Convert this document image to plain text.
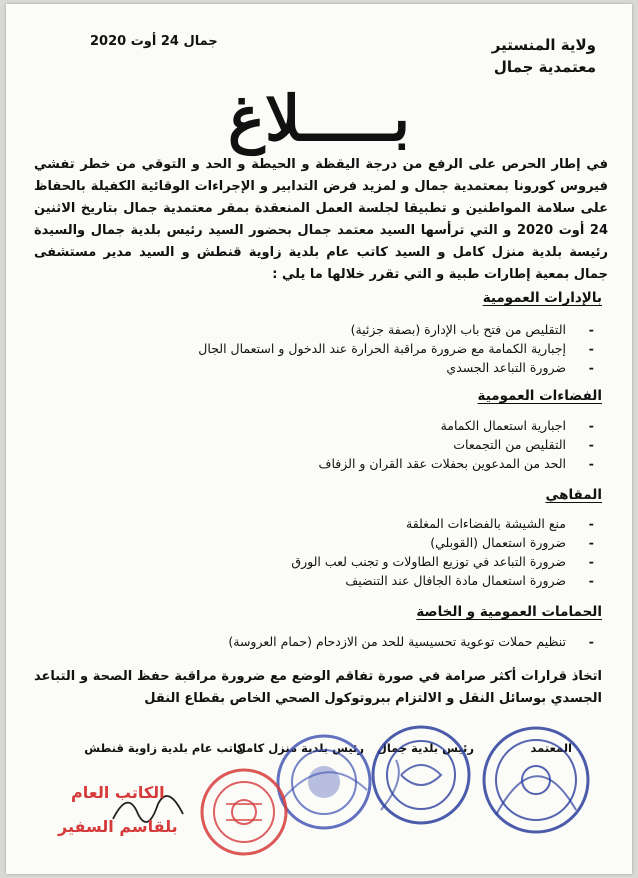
ولاية المنستير
معتمدية جمال
جمال 24 أوت 2020
بـــــلاغ
في إطار الحرص على الرفع من درجة اليقظة و الحيطة و الحد و التوقي من خطر تفشي فيروس كورونا بمعتمدية جمال و لمزيد فرض التدابير و الإجراءات الوقائية الكفيلة بالحفاظ على سلامة المواطنين و تطبيقا لجلسة العمل المنعقدة بمقر معتمدية جمال بتاريخ الاثنين 24 أوت 2020 و التي ترأسها السيد معتمد جمال بحضور السيد رئيس بلدية جمال والسيدة رئيسة بلدية منزل كامل و السيد كاتب عام بلدية زاوية قنطش و السيد مدير مستشفى جمال بمعية إطارات طبية و التي تقرر خلالها ما يلي :
بالإدارات العمومية
- التقليص من فتح باب الإدارة (بصفة جزئية)
- إجبارية الكمامة مع ضرورة مراقبة الحرارة عند الدخول و استعمال الجال
- ضرورة التباعد الجسدي
الفضاءات العمومية
- اجبارية استعمال الكمامة
- التقليص من التجمعات
- الحد من المدعوين بحفلات عقد القران و الزفاف
المقاهي
- منع الشيشة بالفضاءات المغلقة
- ضرورة استعمال (القوبلي)
- ضرورة التباعد في توزيع الطاولات و تجنب لعب الورق
- ضرورة استعمال مادة الجافال عند التنضيف
الحمامات العمومية و الخاصة
- تنظيم حملات توعوية تحسيسية للحد من الازدحام (حمام العروسة)
اتخاذ قرارات أكثر صرامة في صورة تفاقم الوضع مع ضرورة مراقبة حفظ الصحة و التباعد الجسدي بوسائل النقل و الالتزام ببروتوكول الصحي الخاص بقطاع النقل
المعتمد
رئيس بلدية جمال
رئيس بلدية منزل كامل
كاتب عام بلدية زاوية قنطش
الكاتب العام
بلقاسم السفير
